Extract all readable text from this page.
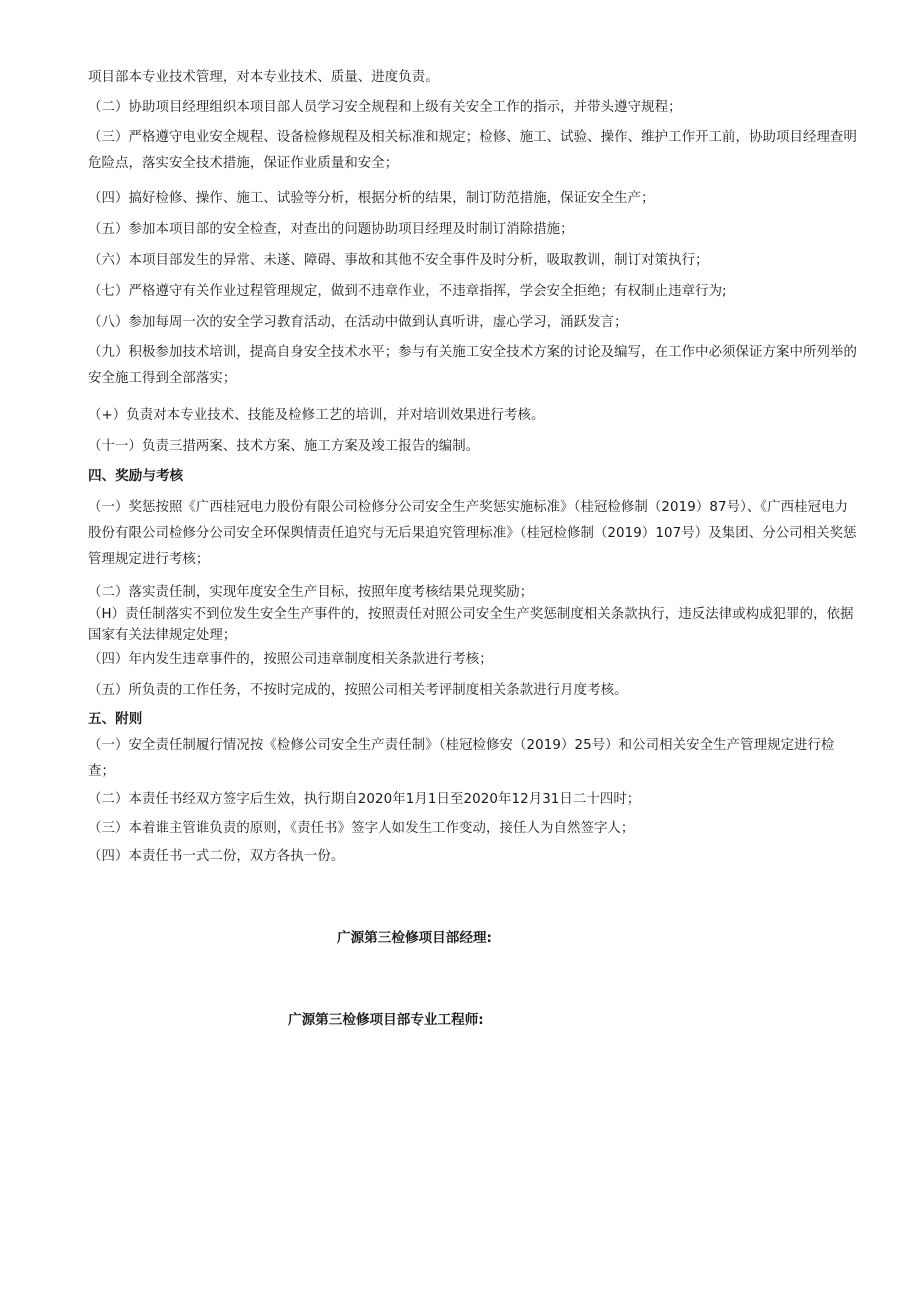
项目部本专业技术管理，对本专业技术、质量、进度负责。
（二）协助项目经理组织本项目部人员学习安全规程和上级有关安全工作的指示，并带头遵守规程；
（三）严格遵守电业安全规程、设备检修规程及相关标准和规定；检修、施工、试验、操作、维护工作开工前，协助项目经理查明危险点，落实安全技术措施，保证作业质量和安全；
（四）搞好检修、操作、施工、试验等分析，根据分析的结果，制订防范措施，保证安全生产；
（五）参加本项目部的安全检查，对查出的问题协助项目经理及时制订消除措施；
（六）本项目部发生的异常、未遂、障碍、事故和其他不安全事件及时分析，吸取教训，制订对策执行；
（七）严格遵守有关作业过程管理规定，做到不违章作业，不违章指挥，学会安全拒绝；有权制止违章行为;
（八）参加每周一次的安全学习教育活动，在活动中做到认真听讲，虚心学习，涌跃发言；
（九）积极参加技术培训，提高自身安全技术水平；参与有关施工安全技术方案的讨论及编写，在工作中必须保证方案中所列举的安全施工得到全部落实；
（+）负责对本专业技术、技能及检修工艺的培训，并对培训效果进行考核。
（十一）负责三措两案、技术方案、施工方案及竣工报告的编制。
四、奖励与考核
（一）奖惩按照《广西桂冠电力股份有限公司检修分公司安全生产奖惩实施标准》（桂冠检修制（2019）87号）、《广西桂冠电力股份有限公司检修分公司安全环保舆情责任追究与无后果追究管理标准》（桂冠检修制（2019）107号）及集团、分公司相关奖惩管理规定进行考核；
（二）落实责任制，实现年度安全生产目标，按照年度考核结果兑现奖励；
（H）责任制落实不到位发生安全生产事件的，按照责任对照公司安全生产奖惩制度相关条款执行，违反法律或构成犯罪的，依据国家有关法律规定处理；
（四）年内发生违章事件的，按照公司违章制度相关条款进行考核；
（五）所负责的工作任务，不按时完成的，按照公司相关考评制度相关条款进行月度考核。
五、附则
（一）安全责任制履行情况按《检修公司安全生产责任制》（桂冠检修安（2019）25号）和公司相关安全生产管理规定进行检查；
（二）本责任书经双方签字后生效，执行期自2020年1月1日至2020年12月31日二十四时；
（三）本着谁主管谁负责的原则，《责任书》签字人如发生工作变动，接任人为自然签字人；
（四）本责任书一式二份，双方各执一份。
广源第三检修项目部经理:
广源第三检修项目部专业工程师:
